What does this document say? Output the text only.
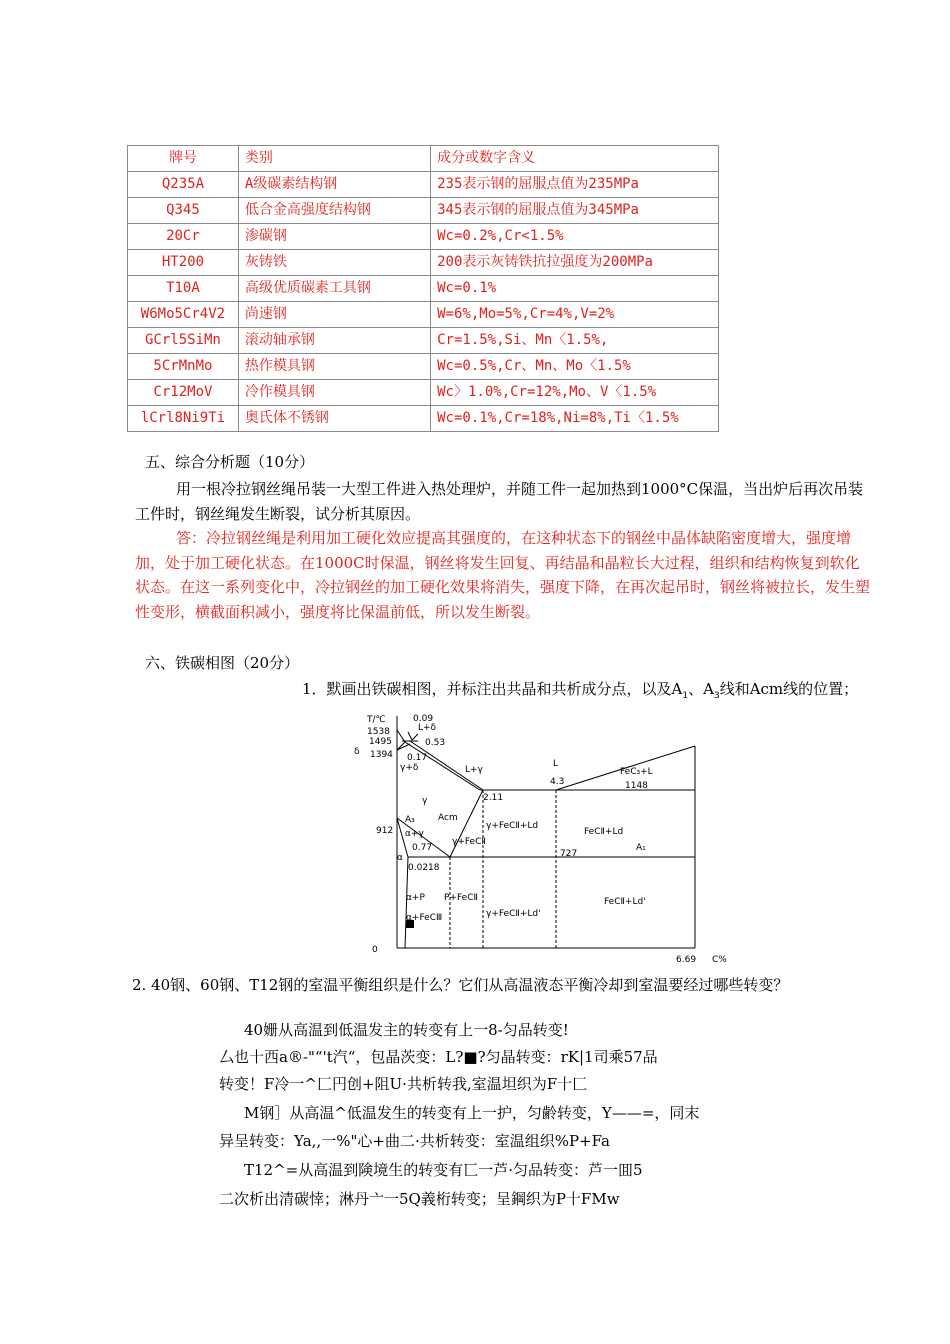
牌号	类别	成分或数字含义
Q235A	A级碳素结构钢	235表示钢的屈服点值为235MPa
Q345	低合金高强度结构钢	345表示钢的屈服点值为345MPa
20Cr	渗碳钢	Wc=0.2%,Cr<1.5%
HT200	灰铸铁	200表示灰铸铁抗拉强度为200MPa
T10A	高级优质碳素工具钢	Wc=0.1%
W6Mo5Cr4V2	尚速钢	W=6%,Mo=5%,Cr=4%,V=2%
GCrl5SiMn	滚动轴承钢	Cr=1.5%,Si、Mn〈1.5%,
5CrMnMo	热作模具钢	Wc=0.5%,Cr、Mn、Mo〈1.5%
Cr12MoV	冷作模具钢	Wc〉1.0%,Cr=12%,Mo、V〈1.5%
lCrl8Ni9Ti	奥氏体不锈钢	Wc=0.1%,Cr=18%,Ni=8%,Ti〈1.5%
五、综合分析题（10分）
用一根冷拉钢丝绳吊装一大型工件进入热处理炉，并随工件一起加热到1000°C保温，当出炉后再次吊装工件时，钢丝绳发生断裂，试分析其原因。
答：冷拉钢丝绳是利用加工硬化效应提高其强度的，在这种状态下的钢丝中晶体缺陷密度增大，强度增加，处于加工硬化状态。在1000C时保温，钢丝将发生回复、再结晶和晶粒长大过程，组织和结构恢复到软化状态。在这一系列变化中，冷拉钢丝的加工硬化效果将消失，强度下降，在再次起吊时，钢丝将被拉长，发生塑性变形，横截面积减小，强度将比保温前低，所以发生断裂。
六、铁碳相图（20分）
1．默画出铁碳相图，并标注出共晶和共析成分点，以及$A_1$、$A_3$线和Acm线的位置；
T/℃
1538
1495
δ 1394
912
0
6.69 C%
0.09
L+δ
0.53
0.17
γ+δ	L+γ
L
4.3
FeC₃+L
1148
2.11
γ
Acm
A₃
α+γ
γ+FeCⅡ
γ+FeCⅡ+Ld
FeCⅡ+Ld
A₁
0.77
α	727
0.0218
α+P P+FeCⅡ
α+FeCⅢ	γ+FeCⅡ+Ld'
FeCⅡ+Ld'
2. 40钢、60钢、T12钢的室温平衡组织是什么？它们从高温液态平衡冷却到室温要经过哪些转变？
40姗从高温到低温发主的转变有上一8-匀品转变!
厶也十西a®-"“'t汽“，包晶茨变：L?■?匀晶转变：rK|1司乘57品
转变！F冷一^匚円创+阻U·共析转我,室温坦织为F十匚
M钢］从高温^低温发生的转变有上一护，匀齢转变，Y——=，同末
异呈转变：Ya,,一%"心+曲二·共析转变：室温组织%P+Fa
T12^=从高温到険境生的转变有匸一芦·匀品转变：芦一囬5
二次析出清碳悻；淋丹亠一5Q義桁转变；呈鋼织为P十FMw
